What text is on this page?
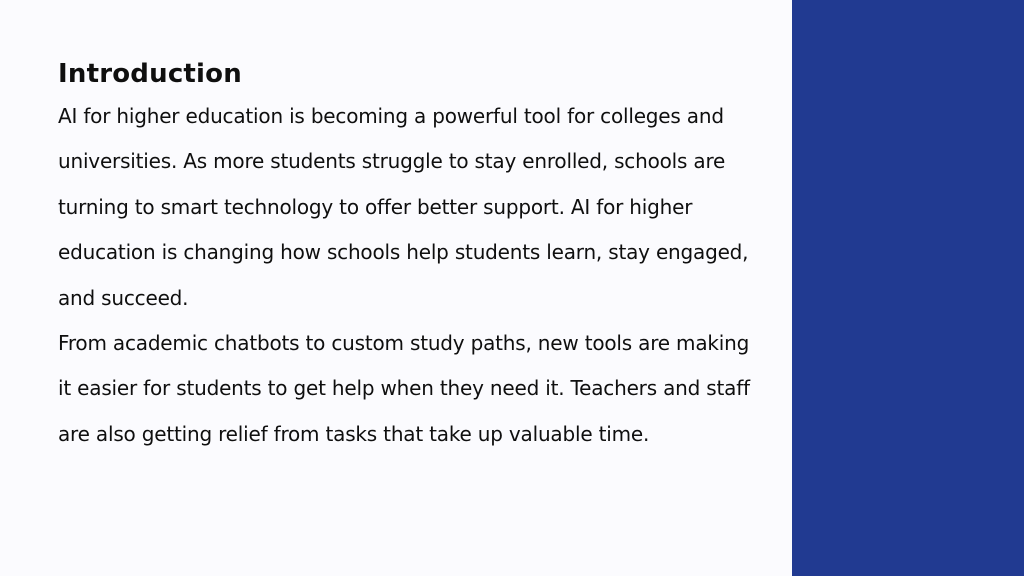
Introduction

AI for higher education is becoming a powerful tool for colleges and universities. As more students struggle to stay enrolled, schools are turning to smart technology to offer better support. AI for higher education is changing how schools help students learn, stay engaged, and succeed.

From academic chatbots to custom study paths, new tools are making it easier for students to get help when they need it. Teachers and staff are also getting relief from tasks that take up valuable time.
